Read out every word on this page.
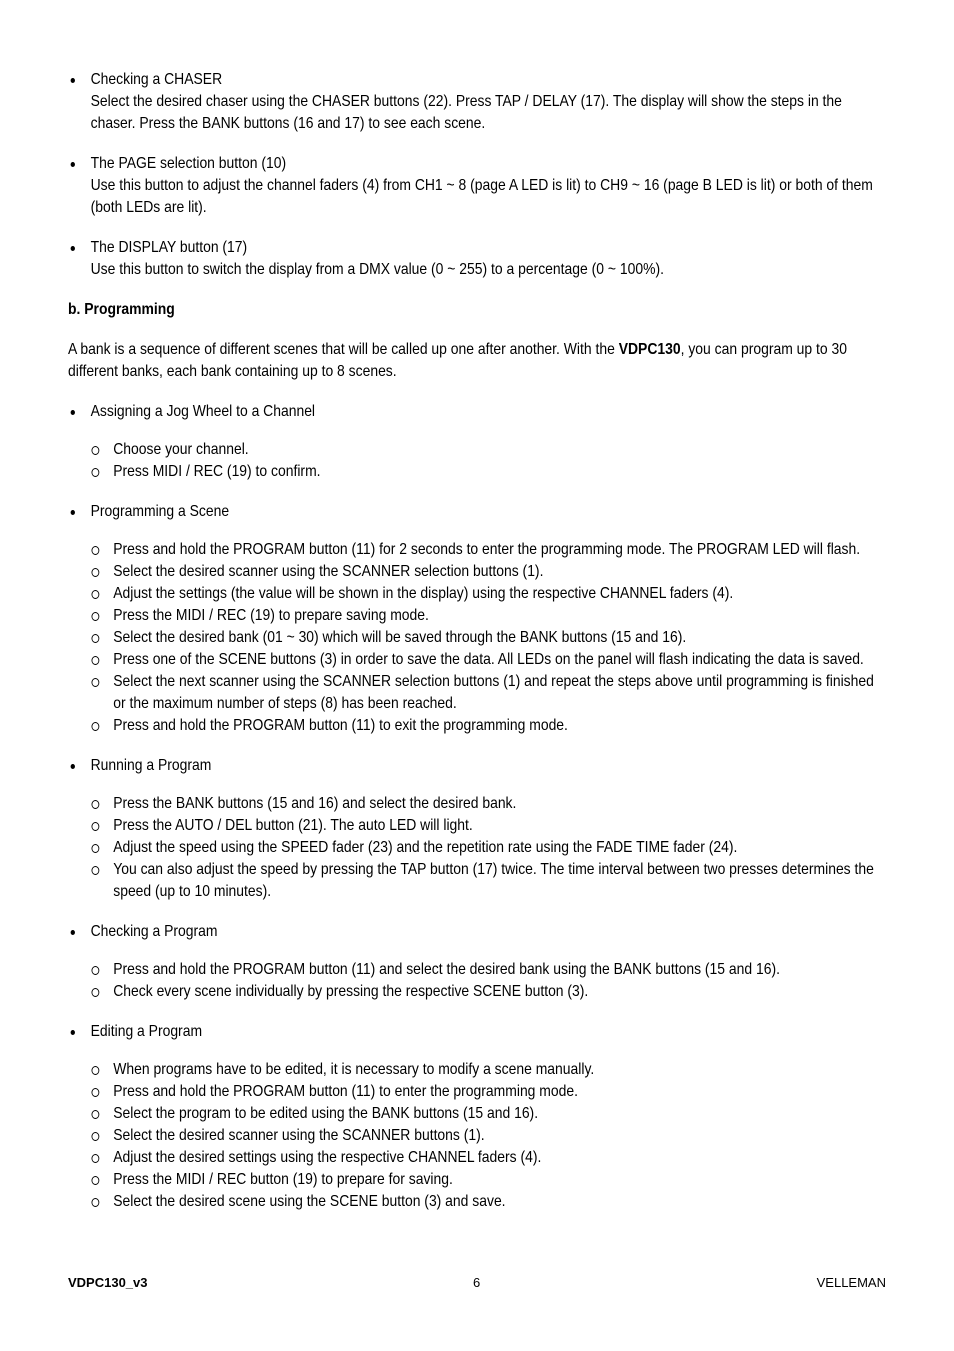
Checking a CHASER
Select the desired chaser using the CHASER buttons (22). Press TAP / DELAY (17). The display will show the steps in the chaser. Press the BANK buttons (16 and 17) to see each scene.
The PAGE selection button (10)
Use this button to adjust the channel faders (4) from CH1 ~ 8 (page A LED is lit) to CH9 ~ 16 (page B LED is lit) or both of them (both LEDs are lit).
The DISPLAY button (17)
Use this button to switch the display from a DMX value (0 ~ 255) to a percentage (0 ~ 100%).
b. Programming

A bank is a sequence of different scenes that will be called up one after another. With the VDPC130, you can program up to 30 different banks, each bank containing up to 8 scenes.

Assigning a Jog Wheel to a Channel
Choose your channel.
Press MIDI / REC (19) to confirm.
Programming a Scene
Press and hold the PROGRAM button (11) for 2 seconds to enter the programming mode. The PROGRAM LED will flash.
Select the desired scanner using the SCANNER selection buttons (1).
Adjust the settings (the value will be shown in the display) using the respective CHANNEL faders (4).
Press the MIDI / REC (19) to prepare saving mode.
Select the desired bank (01 ~ 30) which will be saved through the BANK buttons (15 and 16).
Press one of the SCENE buttons (3) in order to save the data. All LEDs on the panel will flash indicating the data is saved.
Select the next scanner using the SCANNER selection buttons (1) and repeat the steps above until programming is finished or the maximum number of steps (8) has been reached.
Press and hold the PROGRAM button (11) to exit the programming mode.
Running a Program
Press the BANK buttons (15 and 16) and select the desired bank.
Press the AUTO / DEL button (21). The auto LED will light.
Adjust the speed using the SPEED fader (23) and the repetition rate using the FADE TIME fader (24).
You can also adjust the speed by pressing the TAP button (17) twice. The time interval between two presses determines the speed (up to 10 minutes).
Checking a Program
Press and hold the PROGRAM button (11) and select the desired bank using the BANK buttons (15 and 16).
Check every scene individually by pressing the respective SCENE button (3).
Editing a Program
When programs have to be edited, it is necessary to modify a scene manually.
Press and hold the PROGRAM button (11) to enter the programming mode.
Select the program to be edited using the BANK buttons (15 and 16).
Select the desired scanner using the SCANNER buttons (1).
Adjust the desired settings using the respective CHANNEL faders (4).
Press the MIDI / REC button (19) to prepare for saving.
Select the desired scene using the SCENE button (3) and save.
VDPC130_v3	6	VELLEMAN
